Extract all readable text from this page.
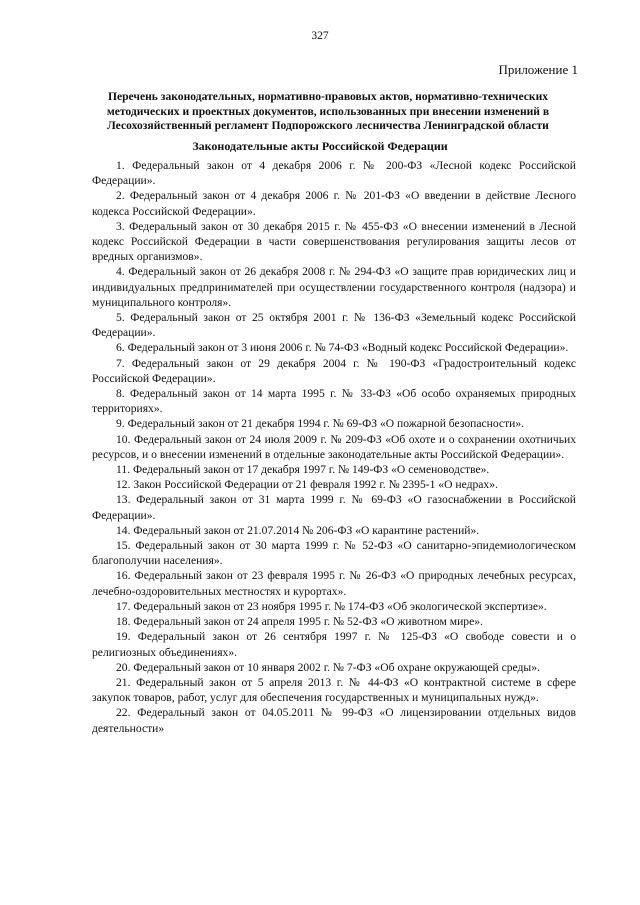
327
Приложение 1
Перечень законодательных, нормативно-правовых актов, нормативно-технических
методических и проектных документов, использованных при внесении изменений в
Лесохозяйственный регламент Подпорожского лесничества Ленинградской области
Законодательные акты Российской Федерации

1. Федеральный закон от 4 декабря 2006 г. № 200-ФЗ «Лесной кодекс Российской Федерации».

2. Федеральный закон от 4 декабря 2006 г. № 201-ФЗ «О введении в действие Лесного кодекса Российской Федерации».

3. Федеральный закон от 30 декабря 2015 г. № 455-ФЗ «О внесении изменений в Лесной кодекс Российской Федерации в части совершенствования регулирования защиты лесов от вредных организмов».

4. Федеральный закон от 26 декабря 2008 г. № 294-ФЗ «О защите прав юридических лиц и индивидуальных предпринимателей при осуществлении государственного контроля (надзора) и муниципального контроля».

5. Федеральный закон от 25 октября 2001 г. № 136-ФЗ «Земельный кодекс Российской Федерации».

6. Федеральный закон от 3 июня 2006 г. № 74-ФЗ «Водный кодекс Российской Федерации».

7. Федеральный закон от 29 декабря 2004 г. № 190-ФЗ «Градостроительный кодекс Российской Федерации».

8. Федеральный закон от 14 марта 1995 г. № 33-ФЗ «Об особо охраняемых природных территориях».

9. Федеральный закон от 21 декабря 1994 г. № 69-ФЗ «О пожарной безопасности».

10. Федеральный закон от 24 июля 2009 г. № 209-ФЗ «Об охоте и о сохранении охотничьих ресурсов, и о внесении изменений в отдельные законодательные акты Российской Федерации».

11. Федеральный закон от 17 декабря 1997 г. № 149-ФЗ «О семеноводстве».

12. Закон Российской Федерации от 21 февраля 1992 г. № 2395-1 «О недрах».

13. Федеральный закон от 31 марта 1999 г. № 69-ФЗ «О газоснабжении в Российской Федерации».

14. Федеральный закон от 21.07.2014 № 206-ФЗ «О карантине растений».

15. Федеральный закон от 30 марта 1999 г. № 52-ФЗ «О санитарно-эпидемиологическом благополучии населения».

16. Федеральный закон от 23 февраля 1995 г. № 26-ФЗ «О природных лечебных ресурсах, лечебно-оздоровительных местностях и курортах».

17. Федеральный закон от 23 ноября 1995 г. № 174-ФЗ «Об экологической экспертизе».

18. Федеральный закон от 24 апреля 1995 г. № 52-ФЗ «О животном мире».

19. Федеральный закон от 26 сентября 1997 г. № 125-ФЗ «О свободе совести и о религиозных объединениях».

20. Федеральный закон от 10 января 2002 г. № 7-ФЗ «Об охране окружающей среды».

21. Федеральный закон от 5 апреля 2013 г. № 44-ФЗ «О контрактной системе в сфере закупок товаров, работ, услуг для обеспечения государственных и муниципальных нужд».

22. Федеральный закон от 04.05.2011 № 99-ФЗ «О лицензировании отдельных видов деятельности»
